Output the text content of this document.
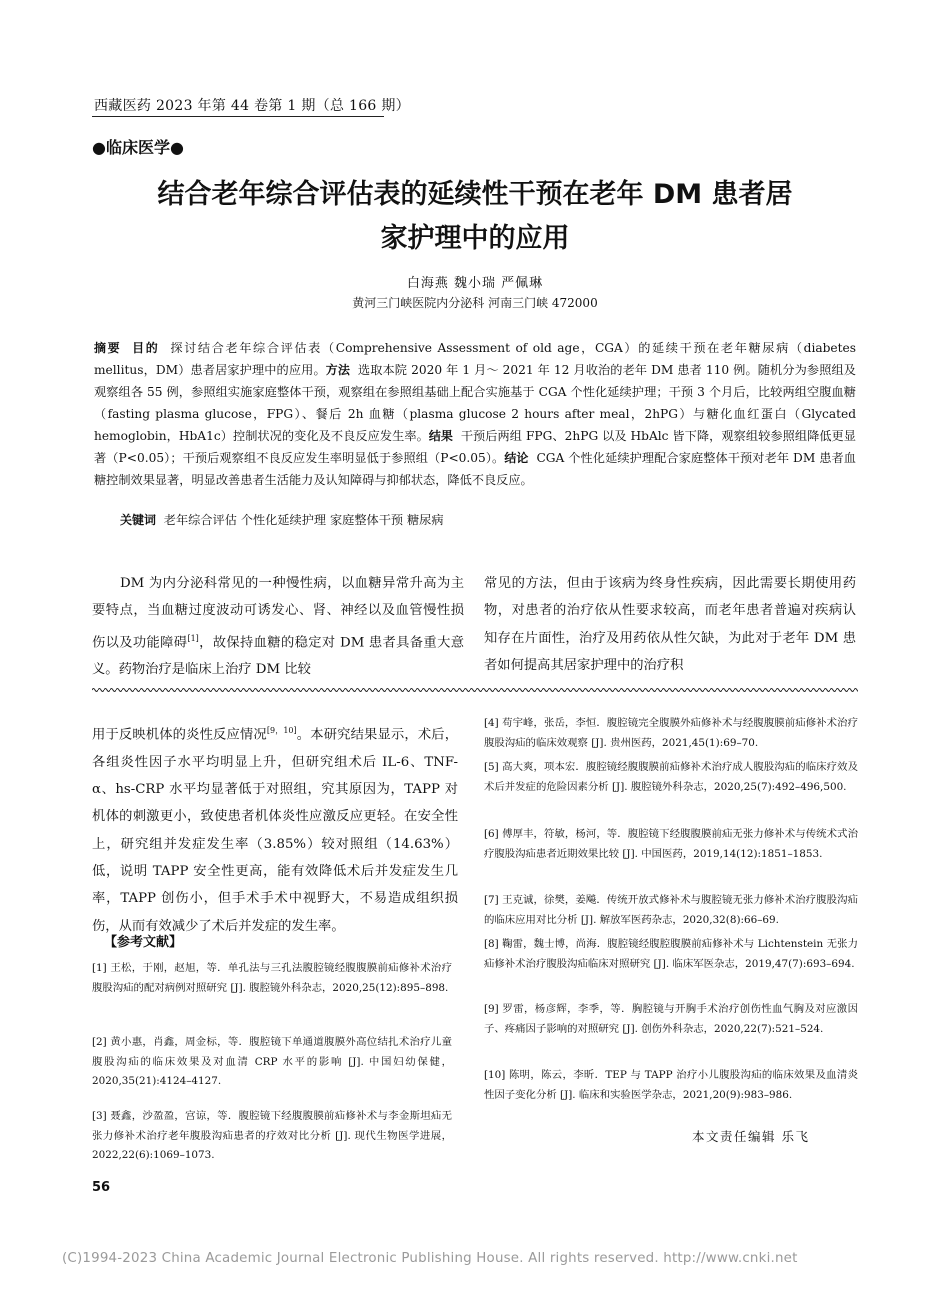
西藏医药 2023 年第 44 卷第 1 期（总 166 期）
●临床医学●
结合老年综合评估表的延续性干预在老年 DM 患者居
家护理中的应用
白海燕 魏小瑞 严佩琳
黄河三门峡医院内分泌科 河南三门峡 472000
摘要 目的 探讨结合老年综合评估表（Comprehensive Assessment of old age，CGA）的延续干预在老年糖尿病（diabetes mellitus，DM）患者居家护理中的应用。方法 选取本院 2020 年 1 月～ 2021 年 12 月收治的老年 DM 患者 110 例。随机分为参照组及观察组各 55 例，参照组实施家庭整体干预，观察组在参照组基础上配合实施基于 CGA 个性化延续护理；干预 3 个月后，比较两组空腹血糖（fasting plasma glucose，FPG）、餐后 2h 血糖（plasma glucose 2 hours after meal，2hPG）与糖化血红蛋白（Glycated hemoglobin，HbA1c）控制状况的变化及不良反应发生率。结果 干预后两组 FPG、2hPG 以及 HbAlc 皆下降，观察组较参照组降低更显著（P<0.05）；干预后观察组不良反应发生率明显低于参照组（P<0.05）。结论 CGA 个性化延续护理配合家庭整体干预对老年 DM 患者血糖控制效果显著，明显改善患者生活能力及认知障碍与抑郁状态，降低不良反应。
关键词 老年综合评估 个性化延续护理 家庭整体干预 糖尿病
DM 为内分泌科常见的一种慢性病，以血糖异常升高为主要特点，当血糖过度波动可诱发心、肾、神经以及血管慢性损伤以及功能障碍[1]，故保持血糖的稳定对 DM 患者具备重大意义。药物治疗是临床上治疗 DM 比较
常见的方法，但由于该病为终身性疾病，因此需要长期使用药物，对患者的治疗依从性要求较高，而老年患者普遍对疾病认知存在片面性，治疗及用药依从性欠缺，为此对于老年 DM 患者如何提高其居家护理中的治疗积
用于反映机体的炎性反应情况[9，10]。本研究结果显示，术后，各组炎性因子水平均明显上升，但研究组术后 IL-6、TNF-α、hs-CRP 水平均显著低于对照组，究其原因为，TAPP 对机体的刺激更小，致使患者机体炎性应激反应更轻。在安全性上，研究组并发症发生率（3.85%）较对照组（14.63%）低，说明 TAPP 安全性更高，能有效降低术后并发症发生几率，TAPP 创伤小，但手术手术中视野大，不易造成组织损伤，从而有效减少了术后并发症的发生率。
【参考文献】
[1] 王松，于刚，赵旭，等．单孔法与三孔法腹腔镜经腹腹膜前疝修补术治疗腹股沟疝的配对病例对照研究 [J]. 腹腔镜外科杂志，2020,25(12):895–898.
[2] 黄小惠，肖鑫，周金标，等．腹腔镜下单通道腹膜外高位结扎术治疗儿童腹股沟疝的临床效果及对血清 CRP 水平的影响 [J]. 中国妇幼保健，2020,35(21):4124–4127.
[3] 聂鑫，沙盈盈，宫谅，等．腹腔镜下经腹腹膜前疝修补术与李金斯坦疝无张力修补术治疗老年腹股沟疝患者的疗效对比分析 [J]. 现代生物医学进展，2022,22(6):1069–1073.
[4] 苟宇峰，张岳，李恒．腹腔镜完全腹膜外疝修补术与经腹腹膜前疝修补术治疗腹股沟疝的临床效观察 [J]. 贵州医药，2021,45(1):69–70.
[5] 高大爽，项本宏．腹腔镜经腹腹膜前疝修补术治疗成人腹股沟疝的临床疗效及术后并发症的危险因素分析 [J]. 腹腔镜外科杂志，2020,25(7):492–496,500.
[6] 傅厚丰，符敏，杨河，等．腹腔镜下经腹腹膜前疝无张力修补术与传统术式治疗腹股沟疝患者近期效果比较 [J]. 中国医药，2019,14(12):1851–1853.
[7] 王克诚，徐樊，姜飚．传统开放式修补术与腹腔镜无张力修补术治疗腹股沟疝的临床应用对比分析 [J]. 解放军医药杂志，2020,32(8):66–69.
[8] 鞠雷，魏士博，尚海．腹腔镜经腹腔腹膜前疝修补术与 Lichtenstein 无张力疝修补术治疗腹股沟疝临床对照研究 [J]. 临床军医杂志，2019,47(7):693–694.
[9] 罗雷，杨彦辉，李季，等．胸腔镜与开胸手术治疗创伤性血气胸及对应激因子、疼痛因子影响的对照研究 [J]. 创伤外科杂志，2020,22(7):521–524.
[10] 陈明，陈云，李昕．TEP 与 TAPP 治疗小儿腹股沟疝的临床效果及血清炎性因子变化分析 [J]. 临床和实验医学杂志，2021,20(9):983–986.
本文责任编辑 乐飞
56
(C)1994-2023 China Academic Journal Electronic Publishing House. All rights reserved. http://www.cnki.net
